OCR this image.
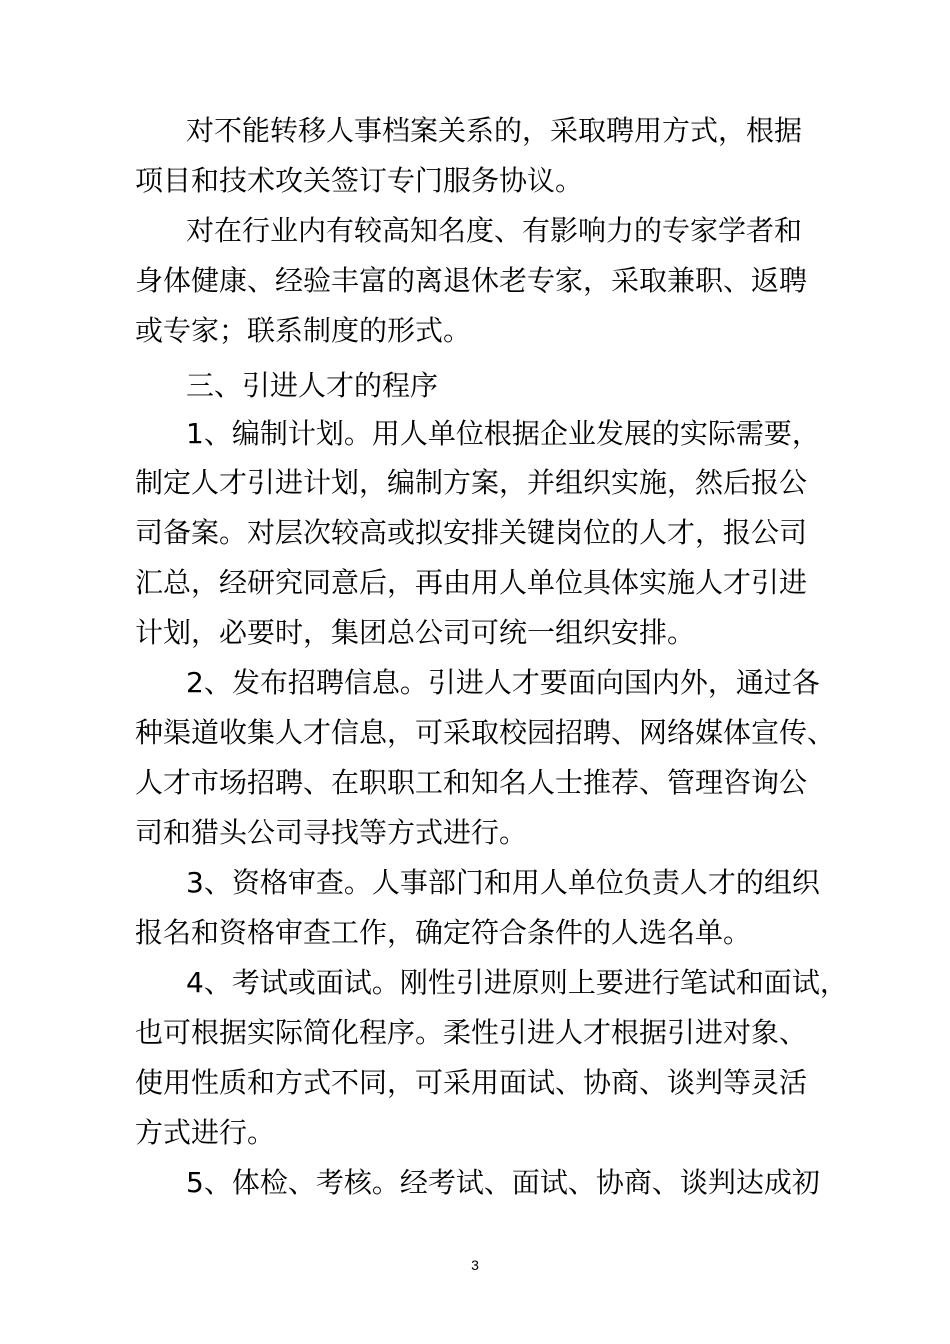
对不能转移人事档案关系的，采取聘用方式，根据

项目和技术攻关签订专门服务协议。

对在行业内有较高知名度、有影响力的专家学者和

身体健康、经验丰富的离退休老专家，采取兼职、返聘

或专家；联系制度的形式。

三、引进人才的程序

1、编制计划。用人单位根据企业发展的实际需要，

制定人才引进计划，编制方案，并组织实施，然后报公

司备案。对层次较高或拟安排关键岗位的人才，报公司

汇总，经研究同意后，再由用人单位具体实施人才引进

计划，必要时，集团总公司可统一组织安排。

2、发布招聘信息。引进人才要面向国内外，通过各

种渠道收集人才信息，可采取校园招聘、网络媒体宣传、

人才市场招聘、在职职工和知名人士推荐、管理咨询公

司和猎头公司寻找等方式进行。

3、资格审查。人事部门和用人单位负责人才的组织

报名和资格审查工作，确定符合条件的人选名单。

4、考试或面试。刚性引进原则上要进行笔试和面试，

也可根据实际简化程序。柔性引进人才根据引进对象、

使用性质和方式不同，可采用面试、协商、谈判等灵活

方式进行。

5、体检、考核。经考试、面试、协商、谈判达成初

3
